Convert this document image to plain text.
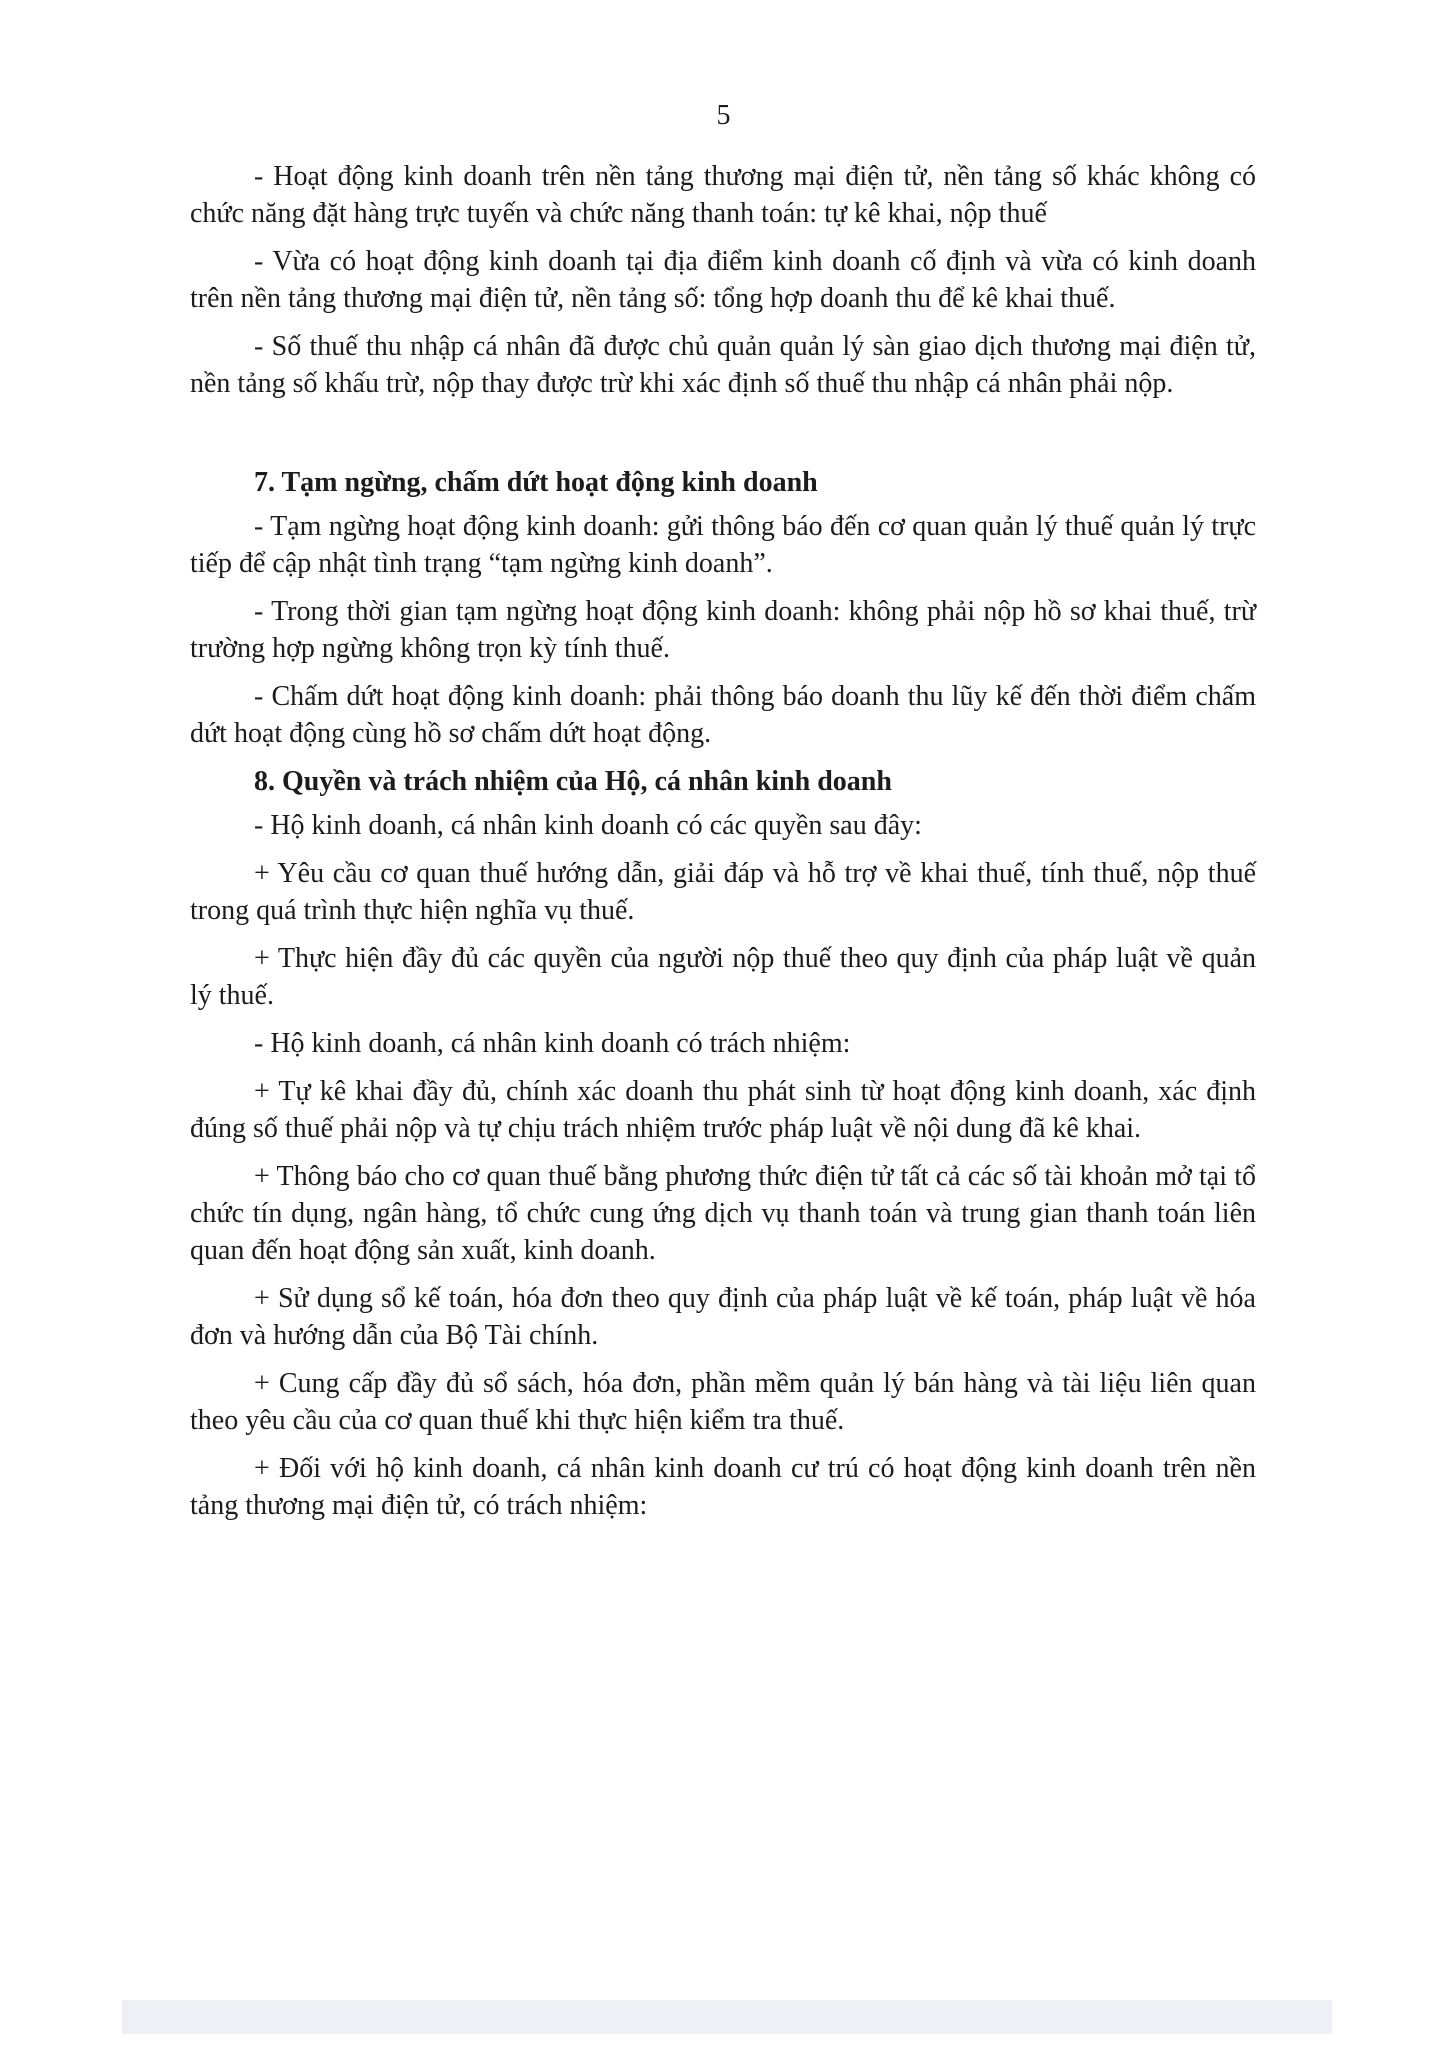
5

- Hoạt động kinh doanh trên nền tảng thương mại điện tử, nền tảng số khác không có chức năng đặt hàng trực tuyến và chức năng thanh toán: tự kê khai, nộp thuế

- Vừa có hoạt động kinh doanh tại địa điểm kinh doanh cố định và vừa có kinh doanh trên nền tảng thương mại điện tử, nền tảng số: tổng hợp doanh thu để kê khai thuế.

- Số thuế thu nhập cá nhân đã được chủ quản quản lý sàn giao dịch thương mại điện tử, nền tảng số khấu trừ, nộp thay được trừ khi xác định số thuế thu nhập cá nhân phải nộp.

7. Tạm ngừng, chấm dứt hoạt động kinh doanh

- Tạm ngừng hoạt động kinh doanh: gửi thông báo đến cơ quan quản lý thuế quản lý trực tiếp để cập nhật tình trạng “tạm ngừng kinh doanh”.

- Trong thời gian tạm ngừng hoạt động kinh doanh: không phải nộp hồ sơ khai thuế, trừ trường hợp ngừng không trọn kỳ tính thuế.

- Chấm dứt hoạt động kinh doanh: phải thông báo doanh thu lũy kế đến thời điểm chấm dứt hoạt động cùng hồ sơ chấm dứt hoạt động.

8. Quyền và trách nhiệm của Hộ, cá nhân kinh doanh

- Hộ kinh doanh, cá nhân kinh doanh có các quyền sau đây:

+ Yêu cầu cơ quan thuế hướng dẫn, giải đáp và hỗ trợ về khai thuế, tính thuế, nộp thuế trong quá trình thực hiện nghĩa vụ thuế.

+ Thực hiện đầy đủ các quyền của người nộp thuế theo quy định của pháp luật về quản lý thuế.

- Hộ kinh doanh, cá nhân kinh doanh có trách nhiệm:

+ Tự kê khai đầy đủ, chính xác doanh thu phát sinh từ hoạt động kinh doanh, xác định đúng số thuế phải nộp và tự chịu trách nhiệm trước pháp luật về nội dung đã kê khai.

+ Thông báo cho cơ quan thuế bằng phương thức điện tử tất cả các số tài khoản mở tại tổ chức tín dụng, ngân hàng, tổ chức cung ứng dịch vụ thanh toán và trung gian thanh toán liên quan đến hoạt động sản xuất, kinh doanh.

+ Sử dụng sổ kế toán, hóa đơn theo quy định của pháp luật về kế toán, pháp luật về hóa đơn và hướng dẫn của Bộ Tài chính.

+ Cung cấp đầy đủ sổ sách, hóa đơn, phần mềm quản lý bán hàng và tài liệu liên quan theo yêu cầu của cơ quan thuế khi thực hiện kiểm tra thuế.

+ Đối với hộ kinh doanh, cá nhân kinh doanh cư trú có hoạt động kinh doanh trên nền tảng thương mại điện tử, có trách nhiệm:
